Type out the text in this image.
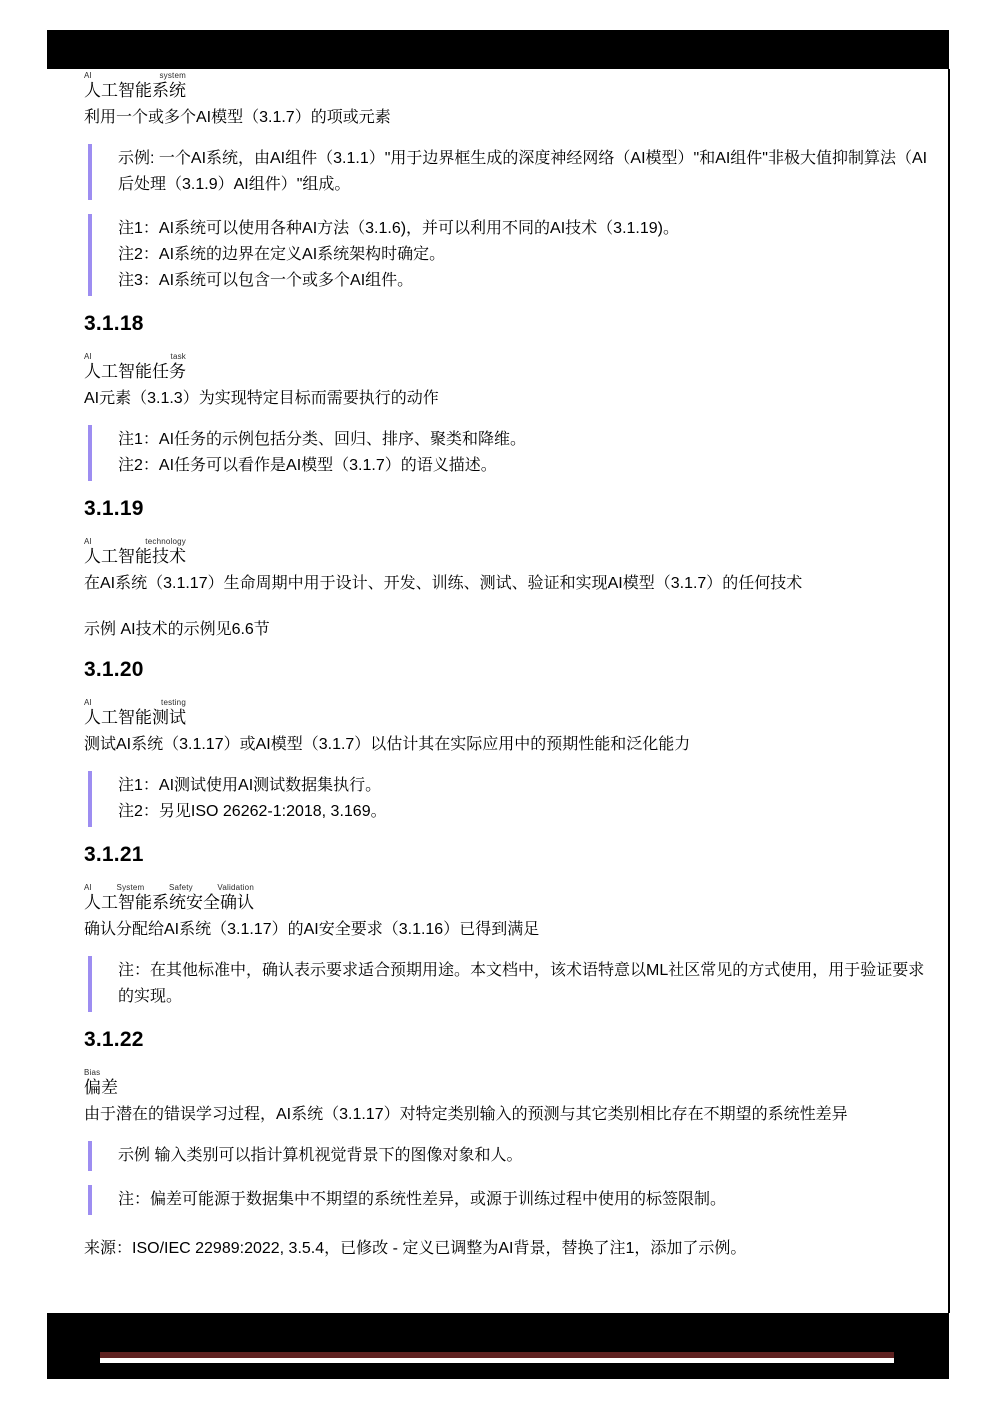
AI	system
人工智能系统

利用一个或多个AI模型（3.1.7）的项或元素

示例: 一个AI系统，由AI组件（3.1.1）"用于边界框生成的深度神经网络（AI模型）"和AI组件"非极大值抑制算法（AI后处理（3.1.9）AI组件）"组成。

注1：AI系统可以使用各种AI方法（3.1.6)，并可以利用不同的AI技术（3.1.19)。

注2：AI系统的边界在定义AI系统架构时确定。

注3：AI系统可以包含一个或多个AI组件。

3.1.18
AI	task
人工智能任务

AI元素（3.1.3）为实现特定目标而需要执行的动作

注1：AI任务的示例包括分类、回归、排序、聚类和降维。

注2：AI任务可以看作是AI模型（3.1.7）的语义描述。

3.1.19
AI	technology
人工智能技术

在AI系统（3.1.17）生命周期中用于设计、开发、训练、测试、验证和实现AI模型（3.1.7）的任何技术

示例 AI技术的示例见6.6节

3.1.20
AI	testing
人工智能测试

测试AI系统（3.1.17）或AI模型（3.1.7）以估计其在实际应用中的预期性能和泛化能力

注1：AI测试使用AI测试数据集执行。

注2：另见ISO 26262-1:2018, 3.169。

3.1.21
AI	System	Safety	Validation
人工智能系统安全确认

确认分配给AI系统（3.1.17）的AI安全要求（3.1.16）已得到满足

注：在其他标准中，确认表示要求适合预期用途。本文档中，该术语特意以ML社区常见的方式使用，用于验证要求的实现。

3.1.22
Bias
偏差

由于潜在的错误学习过程，AI系统（3.1.17）对特定类别输入的预测与其它类别相比存在不期望的系统性差异

示例 输入类别可以指计算机视觉背景下的图像对象和人。

注：偏差可能源于数据集中不期望的系统性差异，或源于训练过程中使用的标签限制。

来源：ISO/IEC 22989:2022, 3.5.4，已修改 - 定义已调整为AI背景，替换了注1，添加了示例。
